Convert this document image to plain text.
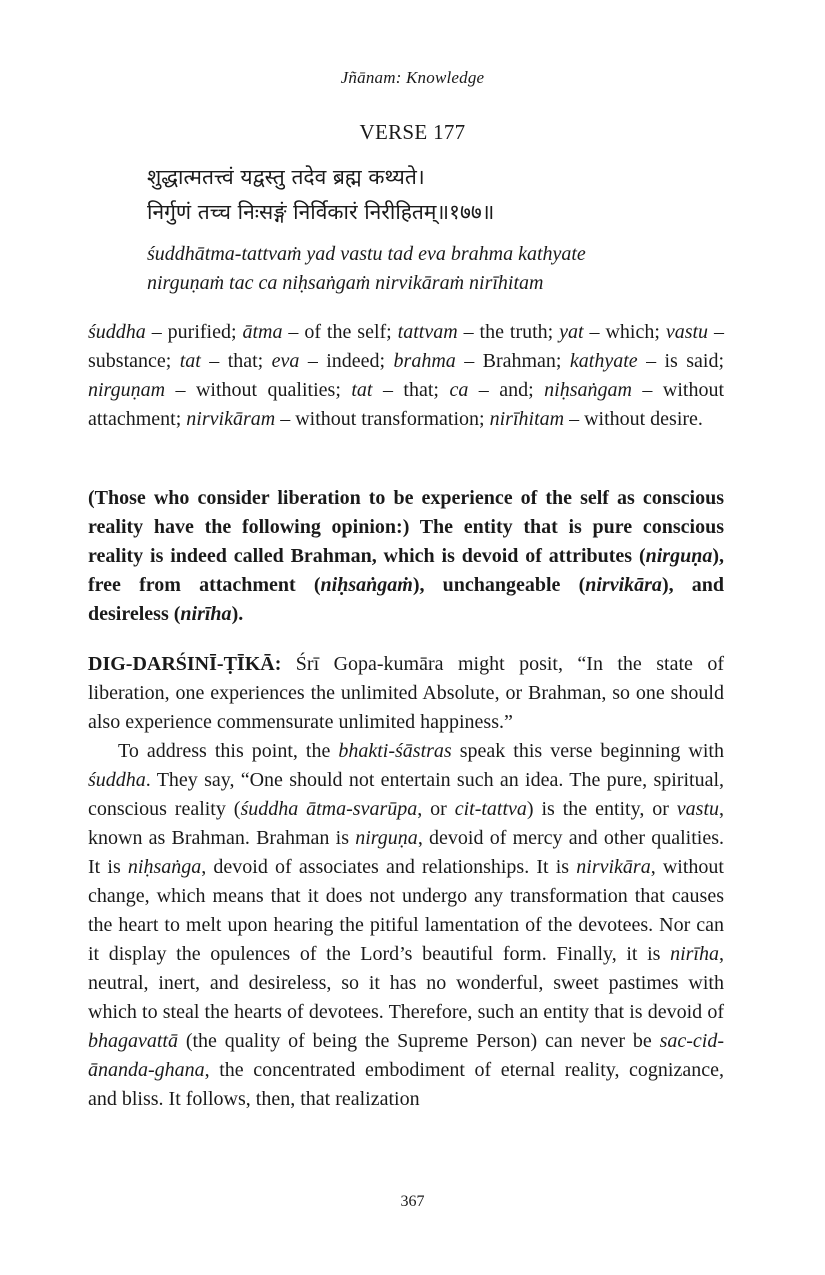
Jñānam: Knowledge
VERSE 177
शुद्धात्मतत्त्वं यद्वस्तु तदेव ब्रह्म कथ्यते।
निर्गुणं तच्च निःसङ्गं निर्विकारं निरीहितम्॥१७७॥
śuddhātma-tattvaṁ yad vastu tad eva brahma kathyate
nirguṇaṁ tac ca niḥsaṅgaṁ nirvikāraṁ nirīhitam
śuddha – purified; ātma – of the self; tattvam – the truth; yat – which; vastu – substance; tat – that; eva – indeed; brahma – Brahman; kathyate – is said; nirguṇam – without qualities; tat – that; ca – and; niḥsaṅgam – without attachment; nirvikāram – without transformation; nirīhitam – without desire.
(Those who consider liberation to be experience of the self as conscious reality have the following opinion:) The entity that is pure conscious reality is indeed called Brahman, which is devoid of attributes (nirguṇa), free from attachment (niḥsaṅgaṁ), unchangeable (nirvikāra), and desireless (nirīha).

DIG-DARŚINĪ-ṬĪKĀ: Śrī Gopa-kumāra might posit, “In the state of liberation, one experiences the unlimited Absolute, or Brahman, so one should also experience commensurate unlimited happiness.”

To address this point, the bhakti-śāstras speak this verse beginning with śuddha. They say, “One should not entertain such an idea. The pure, spiritual, conscious reality (śuddha ātma-svarūpa, or cit-tattva) is the entity, or vastu, known as Brahman. Brahman is nirguṇa, devoid of mercy and other qualities. It is niḥsaṅga, devoid of associates and relationships. It is nirvikāra, without change, which means that it does not undergo any transformation that causes the heart to melt upon hearing the pitiful lamentation of the devotees. Nor can it display the opulences of the Lord’s beautiful form. Finally, it is nirīha, neutral, inert, and desireless, so it has no wonderful, sweet pastimes with which to steal the hearts of devotees. Therefore, such an entity that is devoid of bhagavattā (the quality of being the Supreme Person) can never be sac-cid-ānanda-ghana, the concentrated embodiment of eternal reality, cognizance, and bliss. It follows, then, that realization

367
